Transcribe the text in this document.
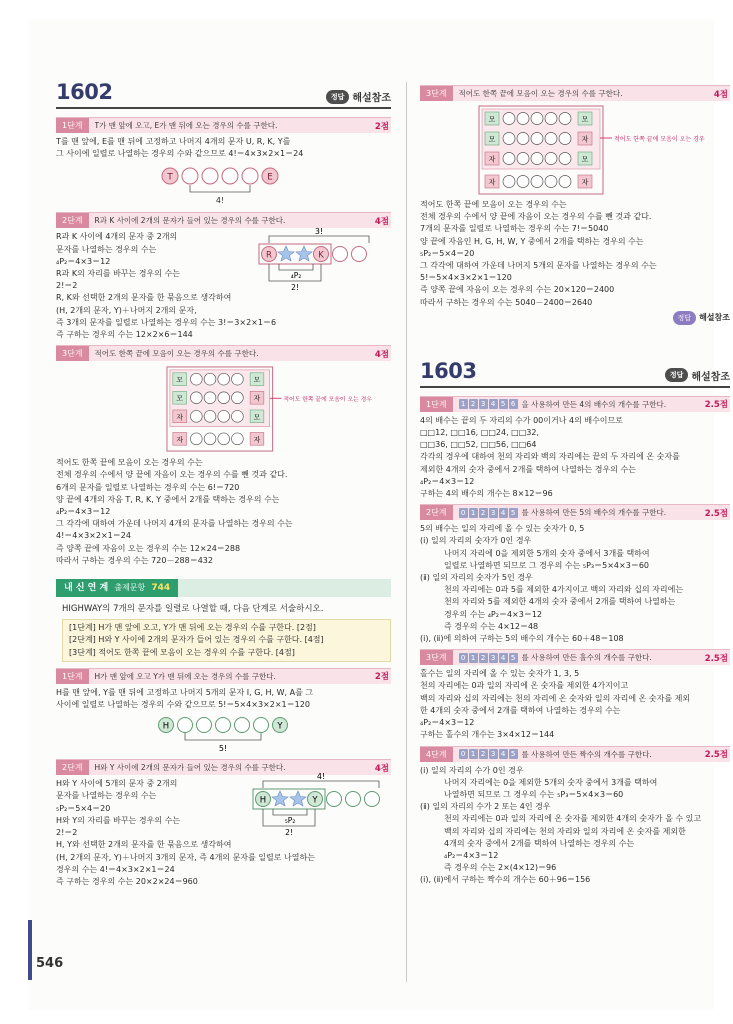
546
1602	정답 해설참조
1단계	T가 맨 앞에 오고, E가 맨 뒤에 오는 경우의 수를 구한다.	2점
T를 맨 앞에, E를 맨 뒤에 고정하고 나머지 4개의 문자 U, R, K, Y를
그 사이에 일렬로 나열하는 경우의 수와 같으므로 4!＝4×3×2×1＝24
T	E
4!
2단계	R과 K 사이에 2개의 문자가 들어 있는 경우의 수를 구한다.	4점
R과 K 사이에 4개의 문자 중 2개의
문자를 나열하는 경우의 수는
₄P₂＝4×3＝12
R과 K의 자리를 바꾸는 경우의 수는
2!＝2
R, K와 선택한 2개의 문자를 한 묶음으로 생각하여
(H, 2개의 문자, Y)＋나머지 2개의 문자,
즉 3개의 문자를 일렬로 나열하는 경우의 수는 3!＝3×2×1＝6
즉 구하는 경우의 수는 12×2×6＝144
3!
R	K
₄P₂
2!
3단계	적어도 한쪽 끝에 모음이 오는 경우의 수를 구한다.	4점
모	모
모	자
자	모
자	자
적어도 한쪽 끝에 모음이 오는 경우
적어도 한쪽 끝에 모음이 오는 경우의 수는
전체 경우의 수에서 양 끝에 자음이 오는 경우의 수를 뺀 것과 같다.
6개의 문자를 일렬로 나열하는 경우의 수는 6!＝720
양 끝에 4개의 자음 T, R, K, Y 중에서 2개를 택하는 경우의 수는
₄P₂＝4×3＝12
그 각각에 대하여 가운데 나머지 4개의 문자를 나열하는 경우의 수는
4!＝4×3×2×1＝24
즉 양쪽 끝에 자음이 오는 경우의 수는 12×24＝288
따라서 구하는 경우의 수는 720－288＝432
내 신 연 계 출제문항 744
HIGHWAY의 7개의 문자를 일렬로 나열할 때, 다음 단계로 서술하시오.
[1단계] H가 맨 앞에 오고, Y가 맨 뒤에 오는 경우의 수를 구한다. [2점]
[2단계] H와 Y 사이에 2개의 문자가 들어 있는 경우의 수를 구한다. [4점]
[3단계] 적어도 한쪽 끝에 모음이 오는 경우의 수를 구한다. [4점]
1단계	H가 맨 앞에 오고 Y가 맨 뒤에 오는 경우의 수를 구한다.	2점
H를 맨 앞에, Y를 맨 뒤에 고정하고 나머지 5개의 문자 I, G, H, W, A를 그
사이에 일렬로 나열하는 경우의 수와 같으므로 5!＝5×4×3×2×1＝120
H	Y
5!
2단계	H와 Y 사이에 2개의 문자가 들어 있는 경우의 수를 구한다.	4점
H와 Y 사이에 5개의 문자 중 2개의
문자를 나열하는 경우의 수는
₅P₂＝5×4＝20
H와 Y의 자리를 바꾸는 경우의 수는
2!＝2
H, Y와 선택한 2개의 문자를 한 묶음으로 생각하여
(H, 2개의 문자, Y)＋나머지 3개의 문자, 즉 4개의 문자를 일렬로 나열하는
경우의 수는 4!＝4×3×2×1＝24
즉 구하는 경우의 수는 20×2×24＝960
4!
H	Y
₅P₂
2!
3단계	적어도 한쪽 끝에 모음이 오는 경우의 수를 구한다.	4점
모	모
모	자
자	모
자	자
적어도 한쪽 끝에 모음이 오는 경우
적어도 한쪽 끝에 모음이 오는 경우의 수는
전체 경우의 수에서 양 끝에 자음이 오는 경우의 수를 뺀 것과 같다.
7개의 문자를 일렬로 나열하는 경우의 수는 7!＝5040
양 끝에 자음인 H, G, H, W, Y 중에서 2개를 택하는 경우의 수는
₅P₂＝5×4＝20
그 각각에 대하여 가운데 나머지 5개의 문자를 나열하는 경우의 수는
5!＝5×4×3×2×1＝120
즉 양쪽 끝에 자음이 오는 경우의 수는 20×120＝2400
따라서 구하는 경우의 수는 5040－2400＝2640
정답	해설참조
1603	정답 해설참조
1단계	1 2 3 4 5 6 을 사용하여 만든 4의 배수의 개수를 구한다.	2.5점
4의 배수는 끝의 두 자리의 수가 00이거나 4의 배수이므로
□□12, □□16, □□24, □□32,
□□36, □□52, □□56, □□64
각각의 경우에 대하여 천의 자리와 백의 자리에는 끝의 두 자리에 온 숫자를
제외한 4개의 숫자 중에서 2개를 택하여 나열하는 경우의 수는
₄P₂＝4×3＝12
구하는 4의 배수의 개수는 8×12＝96
2단계	0 1 2 3 4 5 를 사용하여 만든 5의 배수의 개수를 구한다.	2.5점
5의 배수는 일의 자리에 올 수 있는 숫자가 0, 5
(ⅰ) 일의 자리의 숫자가 0인 경우
나머지 자리에 0을 제외한 5개의 숫자 중에서 3개를 택하여
일렬로 나열하면 되므로 그 경우의 수는 ₅P₃＝5×4×3＝60
(ⅱ) 일의 자리의 숫자가 5인 경우
천의 자리에는 0과 5를 제외한 4가지이고 백의 자리와 십의 자리에는
천의 자리와 5를 제외한 4개의 숫자 중에서 2개를 택하여 나열하는
경우의 수는 ₄P₂＝4×3＝12
즉 경우의 수는 4×12＝48
(ⅰ), (ⅱ)에 의하여 구하는 5의 배수의 개수는 60＋48＝108
3단계	0 1 2 3 4 5 를 사용하여 만든 홀수의 개수를 구한다.	2.5점
홀수는 일의 자리에 올 수 있는 숫자가 1, 3, 5
천의 자리에는 0과 일의 자리에 온 숫자를 제외한 4가지이고
백의 자리와 십의 자리에는 천의 자리에 온 숫자와 일의 자리에 온 숫자를 제외
한 4개의 숫자 중에서 2개를 택하여 나열하는 경우의 수는
₄P₂＝4×3＝12
구하는 홀수의 개수는 3×4×12＝144
4단계	0 1 2 3 4 5 를 사용하여 만든 짝수의 개수를 구한다.	2.5점
(ⅰ) 일의 자리의 수가 0인 경우
나머지 자리에는 0을 제외한 5개의 숫자 중에서 3개를 택하여
나열하면 되므로 그 경우의 수는 ₅P₃＝5×4×3＝60
(ⅱ) 일의 자리의 수가 2 또는 4인 경우
천의 자리에는 0과 일의 자리에 온 숫자를 제외한 4개의 숫자가 올 수 있고
백의 자리와 십의 자리에는 천의 자리와 일의 자리에 온 숫자를 제외한
4개의 숫자 중에서 2개를 택하여 나열하는 경우의 수는
₄P₂＝4×3＝12
즉 경우의 수는 2×(4×12)＝96
(ⅰ), (ⅱ)에서 구하는 짝수의 개수는 60＋96＝156
